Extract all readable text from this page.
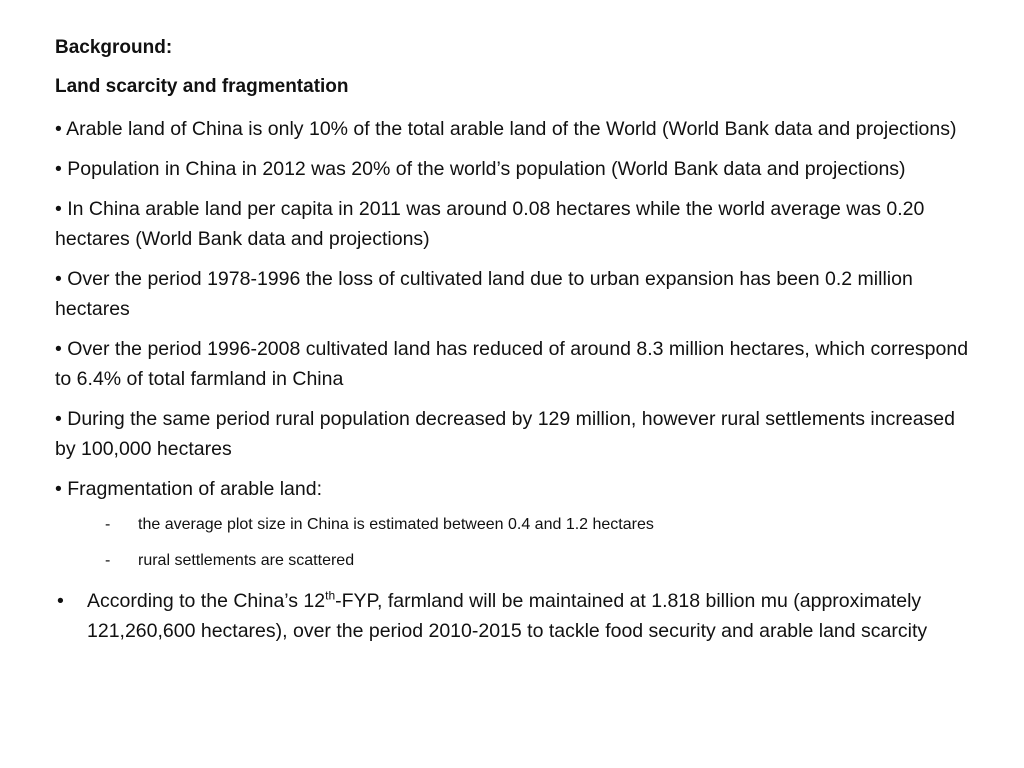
Background:
Land scarcity and fragmentation
• Arable land of China is only 10% of the total arable land of the World (World Bank data and projections)
• Population in China in 2012 was 20% of the world’s population (World Bank data and projections)
• In China arable land per capita in 2011 was around 0.08 hectares while the world average was 0.20 hectares (World Bank data and projections)
• Over the period 1978-1996 the loss of cultivated land due to urban expansion has been 0.2 million hectares
• Over the period 1996-2008 cultivated land has reduced of around 8.3 million hectares, which correspond to 6.4% of total farmland in China
• During the same period rural population decreased by 129 million, however rural settlements increased by 100,000 hectares
• Fragmentation of arable land:
- the average plot size in China is estimated between 0.4 and 1.2 hectares
- rural settlements are scattered
• According to the China’s 12th-FYP, farmland will be maintained at 1.818 billion mu (approximately 121,260,600 hectares), over the period 2010-2015 to tackle food security and arable land scarcity
